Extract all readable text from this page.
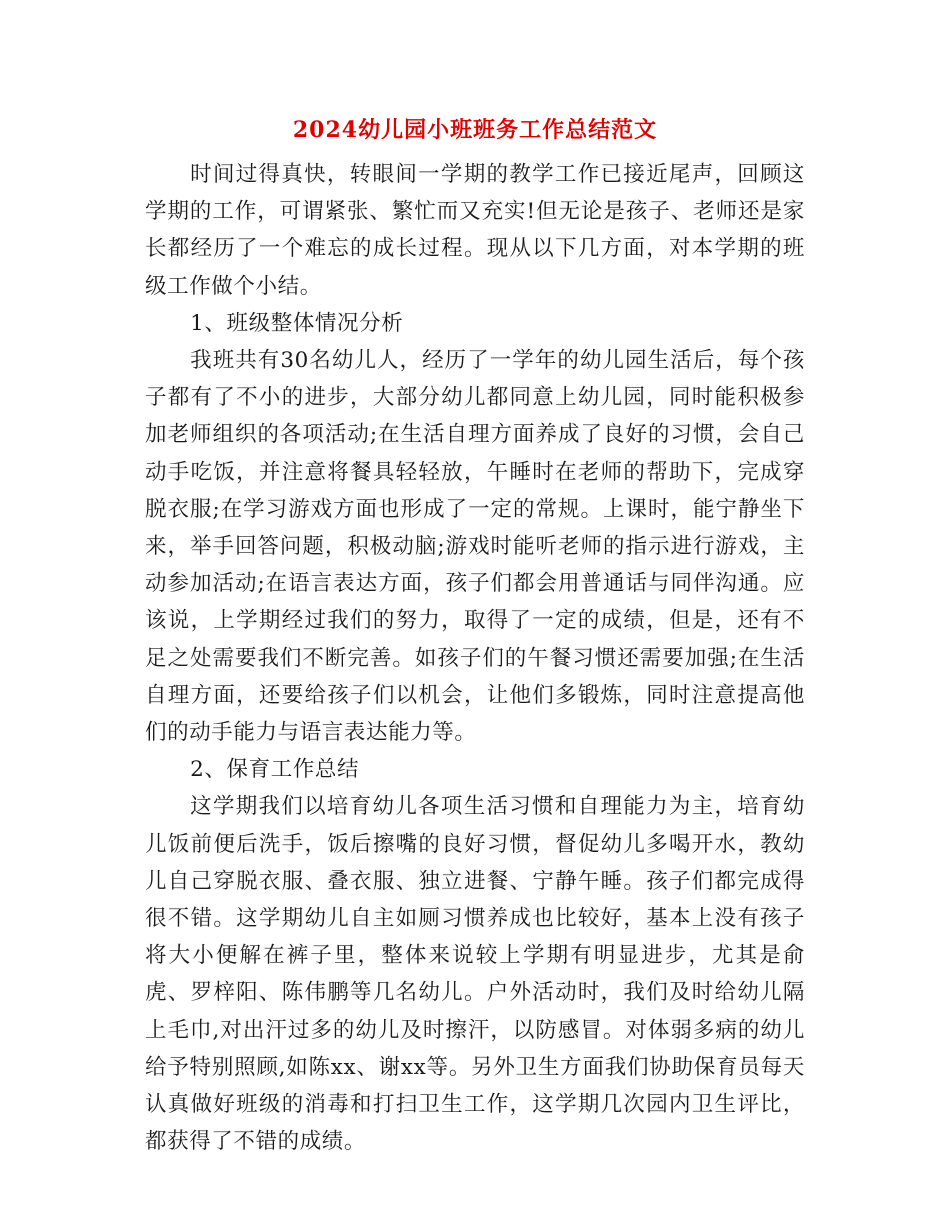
2024幼儿园小班班务工作总结范文

时间过得真快，转眼间一学期的教学工作已接近尾声，回顾这学期的工作，可谓紧张、繁忙而又充实!但无论是孩子、老师还是家长都经历了一个难忘的成长过程。现从以下几方面，对本学期的班级工作做个小结。

1、班级整体情况分析

我班共有30名幼儿人，经历了一学年的幼儿园生活后，每个孩子都有了不小的进步，大部分幼儿都同意上幼儿园，同时能积极参加老师组织的各项活动;在生活自理方面养成了良好的习惯，会自己动手吃饭，并注意将餐具轻轻放，午睡时在老师的帮助下，完成穿脱衣服;在学习游戏方面也形成了一定的常规。上课时，能宁静坐下来，举手回答问题，积极动脑;游戏时能听老师的指示进行游戏，主动参加活动;在语言表达方面，孩子们都会用普通话与同伴沟通。应该说，上学期经过我们的努力，取得了一定的成绩，但是，还有不足之处需要我们不断完善。如孩子们的午餐习惯还需要加强;在生活自理方面，还要给孩子们以机会，让他们多锻炼，同时注意提高他们的动手能力与语言表达能力等。

2、保育工作总结

这学期我们以培育幼儿各项生活习惯和自理能力为主，培育幼儿饭前便后洗手，饭后擦嘴的良好习惯，督促幼儿多喝开水，教幼儿自己穿脱衣服、叠衣服、独立进餐、宁静午睡。孩子们都完成得很不错。这学期幼儿自主如厕习惯养成也比较好，基本上没有孩子将大小便解在裤子里，整体来说较上学期有明显进步，尤其是俞虎、罗梓阳、陈伟鹏等几名幼儿。户外活动时，我们及时给幼儿隔上毛巾,对出汗过多的幼儿及时擦汗，以防感冒。对体弱多病的幼儿给予特别照顾,如陈xx、谢xx等。另外卫生方面我们协助保育员每天认真做好班级的消毒和打扫卫生工作，这学期几次园内卫生评比，都获得了不错的成绩。
